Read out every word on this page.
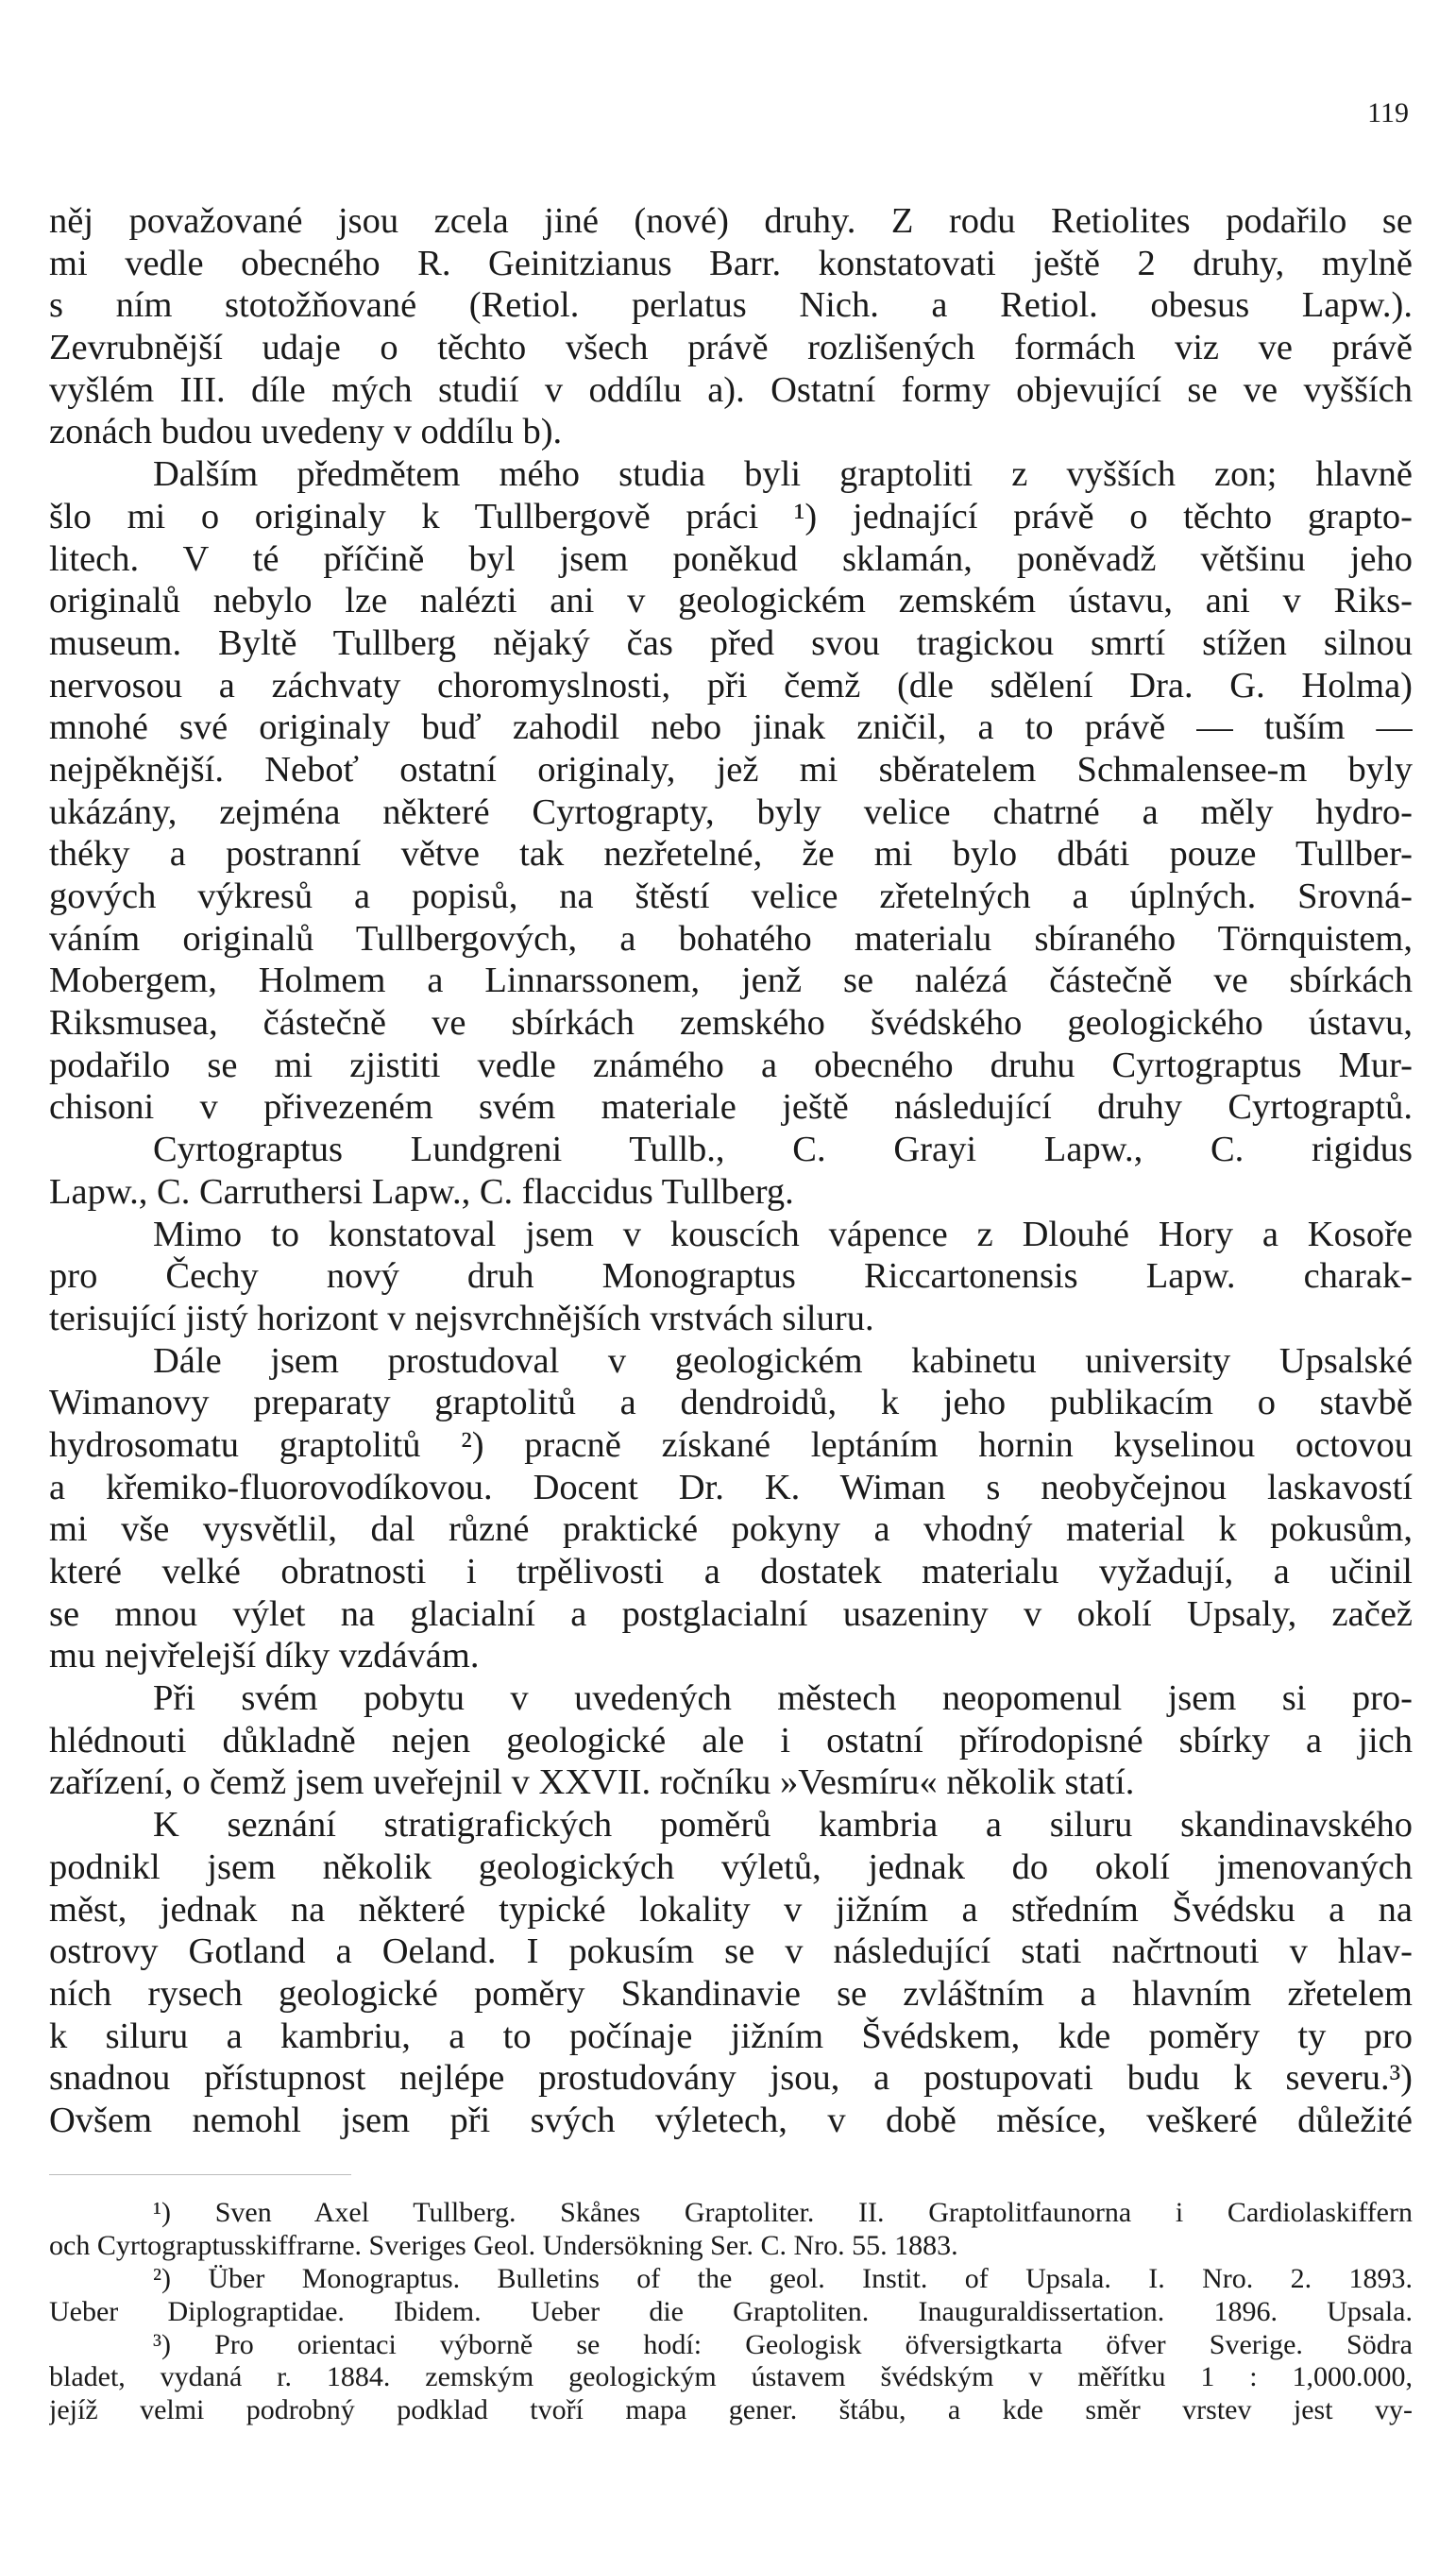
119
něj považované jsou zcela jiné (nové) druhy. Z rodu Retiolites podařilo se
mi vedle obecného R. Geinitzianus Barr. konstatovati ještě 2 druhy, mylně
s ním stotožňované (Retiol. perlatus Nich. a Retiol. obesus Lapw.).
Zevrubnější udaje o těchto všech právě rozlišených formách viz ve právě
vyšlém III. díle mých studií v oddílu a). Ostatní formy objevující se ve vyšších
zonách budou uvedeny v oddílu b).
Dalším předmětem mého studia byli graptoliti z vyšších zon; hlavně
šlo mi o originaly k Tullbergově práci ¹) jednající právě o těchto grapto-
litech. V té příčině byl jsem poněkud sklamán, poněvadž většinu jeho
originalů nebylo lze nalézti ani v geologickém zemském ústavu, ani v Riks-
museum. Byltě Tullberg nějaký čas před svou tragickou smrtí stížen silnou
nervosou a záchvaty choromyslnosti, při čemž (dle sdělení Dra. G. Holma)
mnohé své originaly buď zahodil nebo jinak zničil, a to právě — tuším —
nejpěknější. Neboť ostatní originaly, jež mi sběratelem Schmalensee-m byly
ukázány, zejména některé Cyrtograpty, byly velice chatrné a měly hydro-
théky a postranní větve tak nezřetelné, že mi bylo dbáti pouze Tullber-
gových výkresů a popisů, na štěstí velice zřetelných a úplných. Srovná-
váním originalů Tullbergových, a bohatého materialu sbíraného Törnquistem,
Mobergem, Holmem a Linnarssonem, jenž se nalézá částečně ve sbírkách
Riksmusea, částečně ve sbírkách zemského švédského geologického ústavu,
podařilo se mi zjistiti vedle známého a obecného druhu Cyrtograptus Mur-
chisoni v přivezeném svém materiale ještě následující druhy Cyrtograptů.
Cyrtograptus Lundgreni Tullb., C. Grayi Lapw., C. rigidus
Lapw., C. Carruthersi Lapw., C. flaccidus Tullberg.
Mimo to konstatoval jsem v kouscích vápence z Dlouhé Hory a Kosoře
pro Čechy nový druh Monograptus Riccartonensis Lapw. charak-
terisující jistý horizont v nejsvrchnějších vrstvách siluru.
Dále jsem prostudoval v geologickém kabinetu university Upsalské
Wimanovy preparaty graptolitů a dendroidů, k jeho publikacím o stavbě
hydrosomatu graptolitů ²) pracně získané leptáním hornin kyselinou octovou
a křemiko-fluorovodíkovou. Docent Dr. K. Wiman s neobyčejnou laskavostí
mi vše vysvětlil, dal různé praktické pokyny a vhodný material k pokusům,
které velké obratnosti i trpělivosti a dostatek materialu vyžadují, a učinil
se mnou výlet na glacialní a postglacialní usazeniny v okolí Upsaly, začež
mu nejvřelejší díky vzdávám.
Při svém pobytu v uvedených městech neopomenul jsem si pro-
hlédnouti důkladně nejen geologické ale i ostatní přírodopisné sbírky a jich
zařízení, o čemž jsem uveřejnil v XXVII. ročníku »Vesmíru« několik statí.
K seznání stratigrafických poměrů kambria a siluru skandinavského
podnikl jsem několik geologických výletů, jednak do okolí jmenovaných
měst, jednak na některé typické lokality v jižním a středním Švédsku a na
ostrovy Gotland a Oeland. I pokusím se v následující stati načrtnouti v hlav-
ních rysech geologické poměry Skandinavie se zvláštním a hlavním zřetelem
k siluru a kambriu, a to počínaje jižním Švédskem, kde poměry ty pro
snadnou přístupnost nejlépe prostudovány jsou, a postupovati budu k severu.³)
Ovšem nemohl jsem při svých výletech, v době měsíce, veškeré důležité
¹) Sven Axel Tullberg. Skånes Graptoliter. II. Graptolitfaunorna i Cardiolaskiffern
och Cyrtograptusskiffrarne. Sveriges Geol. Undersökning Ser. C. Nro. 55. 1883.
²) Über Monograptus. Bulletins of the geol. Instit. of Upsala. I. Nro. 2. 1893.
Ueber Diplograptidae. Ibidem. Ueber die Graptoliten. Inauguraldissertation. 1896. Upsala.
³) Pro orientaci výborně se hodí: Geologisk öfversigtkarta öfver Sverige. Södra
bladet, vydaná r. 1884. zemským geologickým ústavem švédským v měřítku 1 : 1,000.000,
jejíž velmi podrobný podklad tvoří mapa gener. štábu, a kde směr vrstev jest vy-
